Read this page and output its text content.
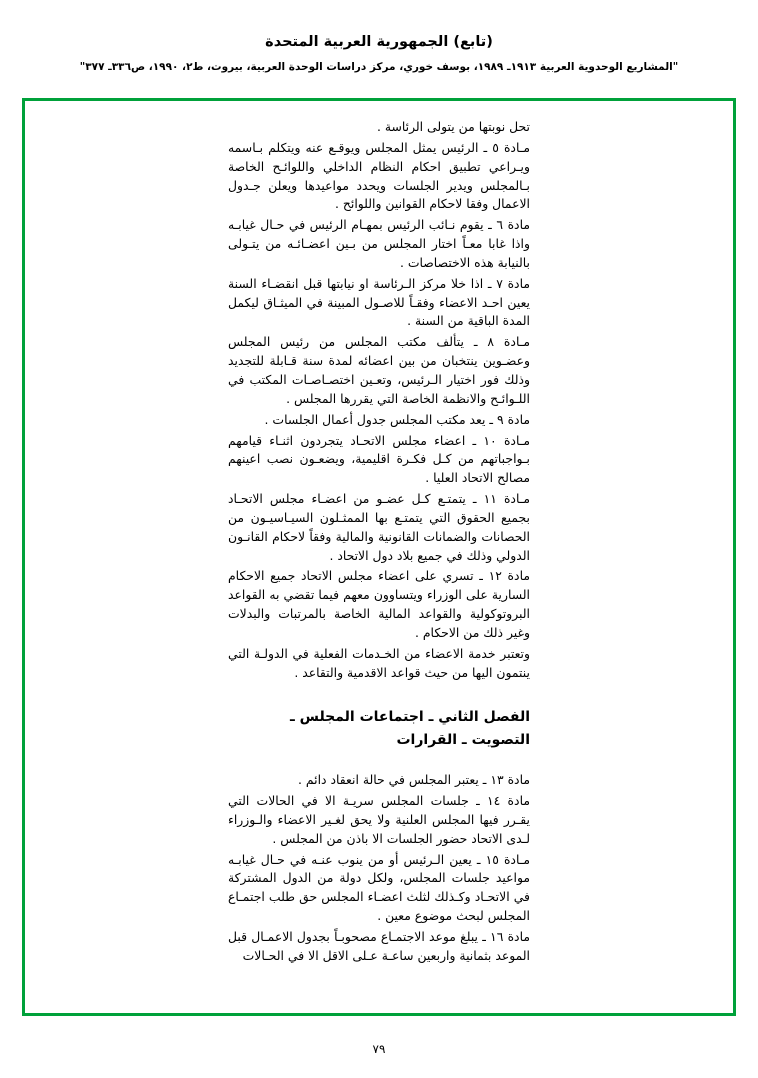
(تابع) الجمهورية العربية المتحدة
"المشاريع الوحدوية العربية ١٩١٣ـ ١٩٨٩، بوسف خوري، مركز دراسات الوحدة العربية، بيروت، ط٢، ١٩٩٠، ص٣٣٦ـ ٣٧٧"

تحل نوبتها من يتولى الرئاسة .

مـادة ٥ ـ الرئيس يمثل المجلس ويوقـع عنه ويتكلم بـاسمه ويـراعي تطبيق احكام النظام الداخلي واللوائـح الخاصة بـالمجلس ويدير الجلسات ويحدد مواعيدها ويعلن جـدول الاعمال وفقا لاحكام القوانين واللوائح .

مادة ٦ ـ يقوم نـائب الرئيس بمهـام الرئيس في حـال غيابـه واذا غابا معـاً اختار المجلس من بـين اعضـائـه من يتـولى بالنيابة هذه الاختصاصات .

مادة ٧ ـ اذا خلا مركز الـرئاسة او نيابتها قبل انقضـاء السنة يعين احـد الاعضاء وفقـاً للاصـول المبينة في الميثـاق ليكمل المدة الباقية من السنة .

مـادة ٨ ـ يتألف مكتب المجلس من رئيس المجلس وعضـوين ينتخبان من بين اعضائه لمدة سنة قـابلة للتجديد وذلك فور اختيار الـرئيس، وتعـين اختصـاصـات المكتب في اللـوائـح والانظمة الخاصة التي يقررها المجلس .

مادة ٩ ـ يعد مكتب المجلس جدول أعمال الجلسات .

مـادة ١٠ ـ اعضاء مجلس الاتحـاد يتجردون اثنـاء قيامهم بـواجباتهم من كـل فكـرة اقليمية، ويضعـون نصب اعينهم مصالح الاتحاد العليا .

مـادة ١١ ـ يتمتـع كـل عضـو من اعضـاء مجلس الاتحـاد بجميع الحقوق التي يتمتـع بها الممثـلون السيـاسيـون من الحصانات والضمانات القانونية والمالية وفقاً لاحكام القانـون الدولي وذلك في جميع بلاد دول الاتحاد .

مادة ١٢ ـ تسري على اعضاء مجلس الاتحاد جميع الاحكام السارية على الوزراء ويتساوون معهم فيما تقضي به القواعد البروتوكولية والقواعد المالية الخاصة بالمرتبات والبدلات وغير ذلك من الاحكام .

وتعتبر خدمة الاعضاء من الخـدمات الفعلية في الدولـة التي ينتمون اليها من حيث قواعد الاقدمية والتقاعد .

الفصل الثاني ـ اجتماعات المجلس ـ
التصويت ـ القرارات

مادة ١٣ ـ يعتبر المجلس في حالة انعقاد دائم .

مادة ١٤ ـ جلسات المجلس سريـة الا في الحالات التي يقـرر فيها المجلس العلنية ولا يحق لغـير الاعضاء والـوزراء لـدى الاتحاد حضور الجلسات الا باذن من المجلس .

مـادة ١٥ ـ يعين الـرئيس أو من ينوب عنـه في حـال غيابـه مواعيد جلسات المجلس، ولكل دولة من الدول المشتركة في الاتحـاد وكـذلك لثلث اعضـاء المجلس حق طلب اجتمـاع المجلس لبحث موضوع معين .

مادة ١٦ ـ يبلغ موعد الاجتمـاع مصحوبـاً بجدول الاعمـال قبل الموعد بثمانية واربعين ساعـة عـلى الاقل الا في الحـالات

٧٩
